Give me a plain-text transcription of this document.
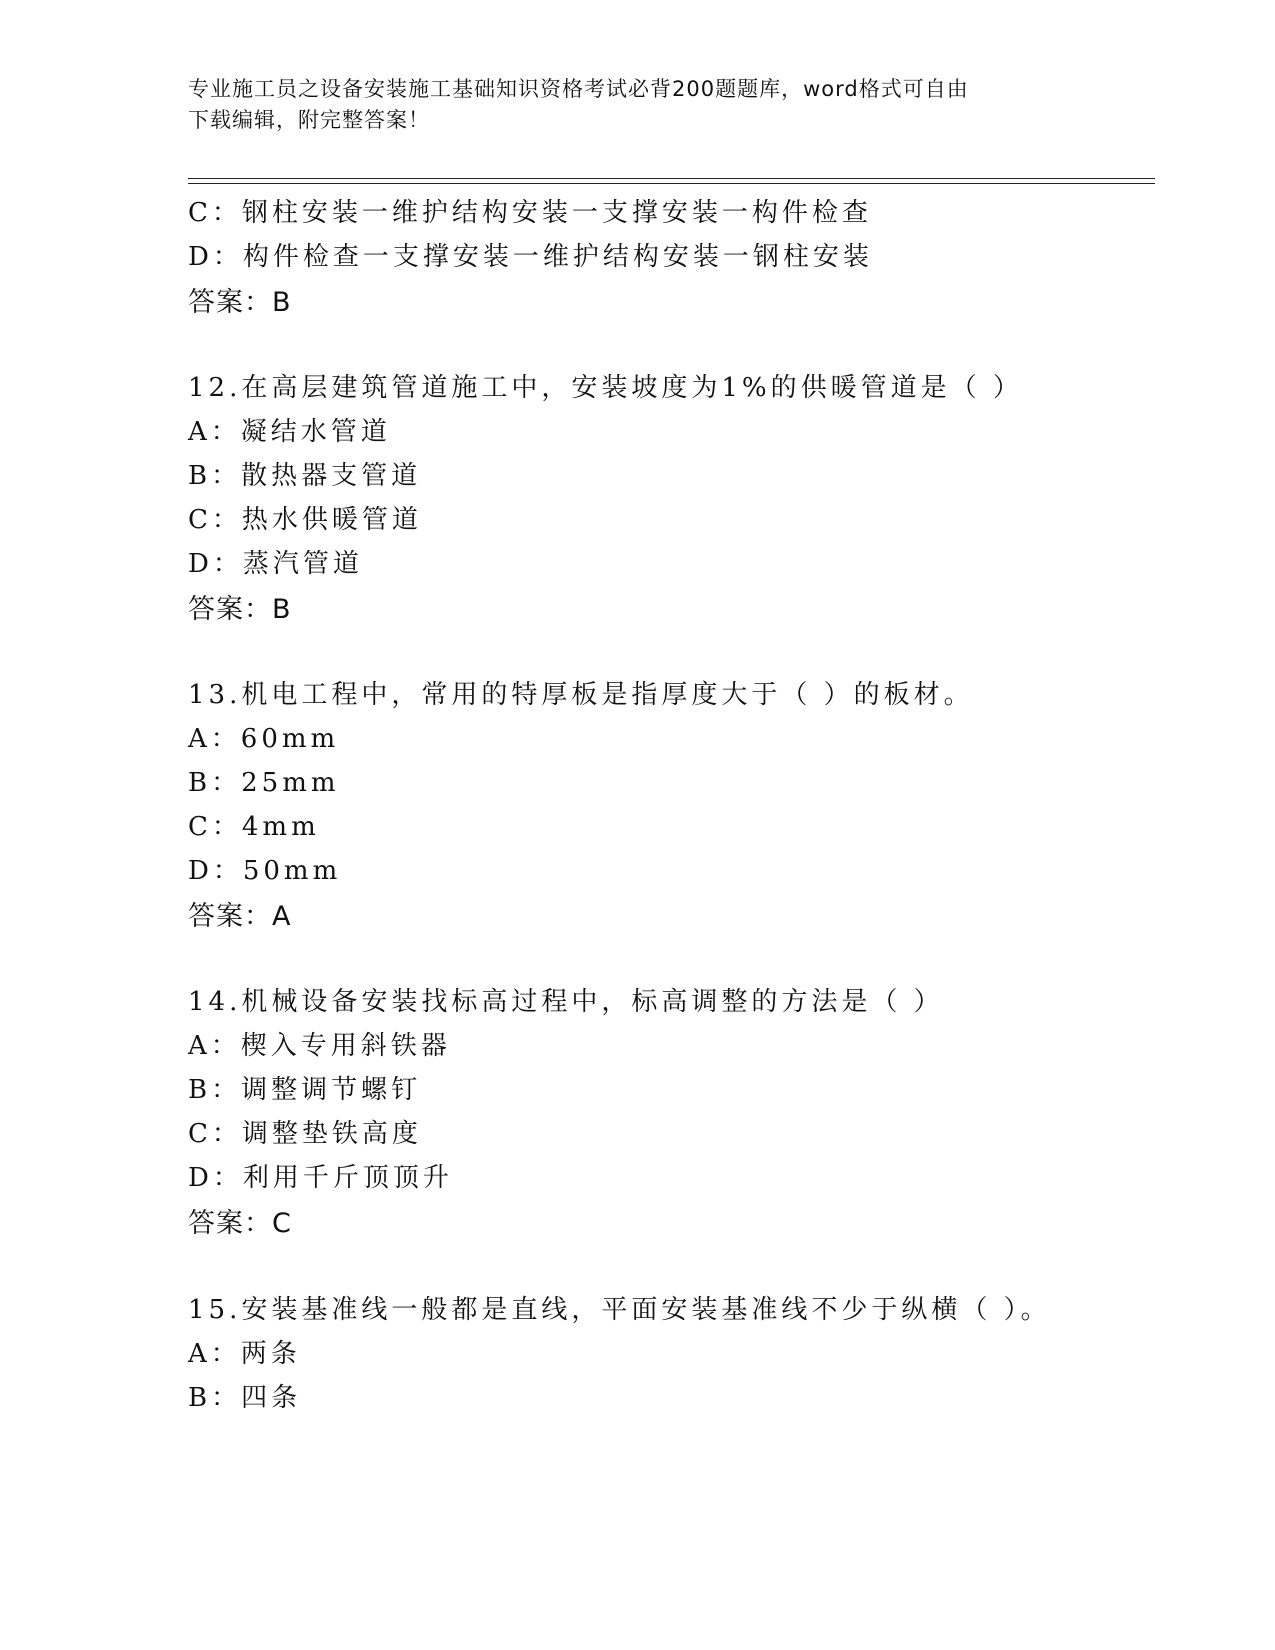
专业施工员之设备安装施工基础知识资格考试必背200题题库，word格式可自由
下载编辑，附完整答案！
C：钢柱安装一维护结构安装一支撑安装一构件检查
D：构件检查一支撑安装一维护结构安装一钢柱安装
答案：B
12.在高层建筑管道施工中，安装坡度为1%的供暖管道是（ ）
A：凝结水管道
B：散热器支管道
C：热水供暖管道
D：蒸汽管道
答案：B
13.机电工程中，常用的特厚板是指厚度大于（ ）的板材。
A：60mm
B：25mm
C：4mm
D：50mm
答案：A
14.机械设备安装找标高过程中，标高调整的方法是（ ）
A：楔入专用斜铁器
B：调整调节螺钉
C：调整垫铁高度
D：利用千斤顶顶升
答案：C
15.安装基准线一般都是直线，平面安装基准线不少于纵横（ ）。
A：两条
B：四条
